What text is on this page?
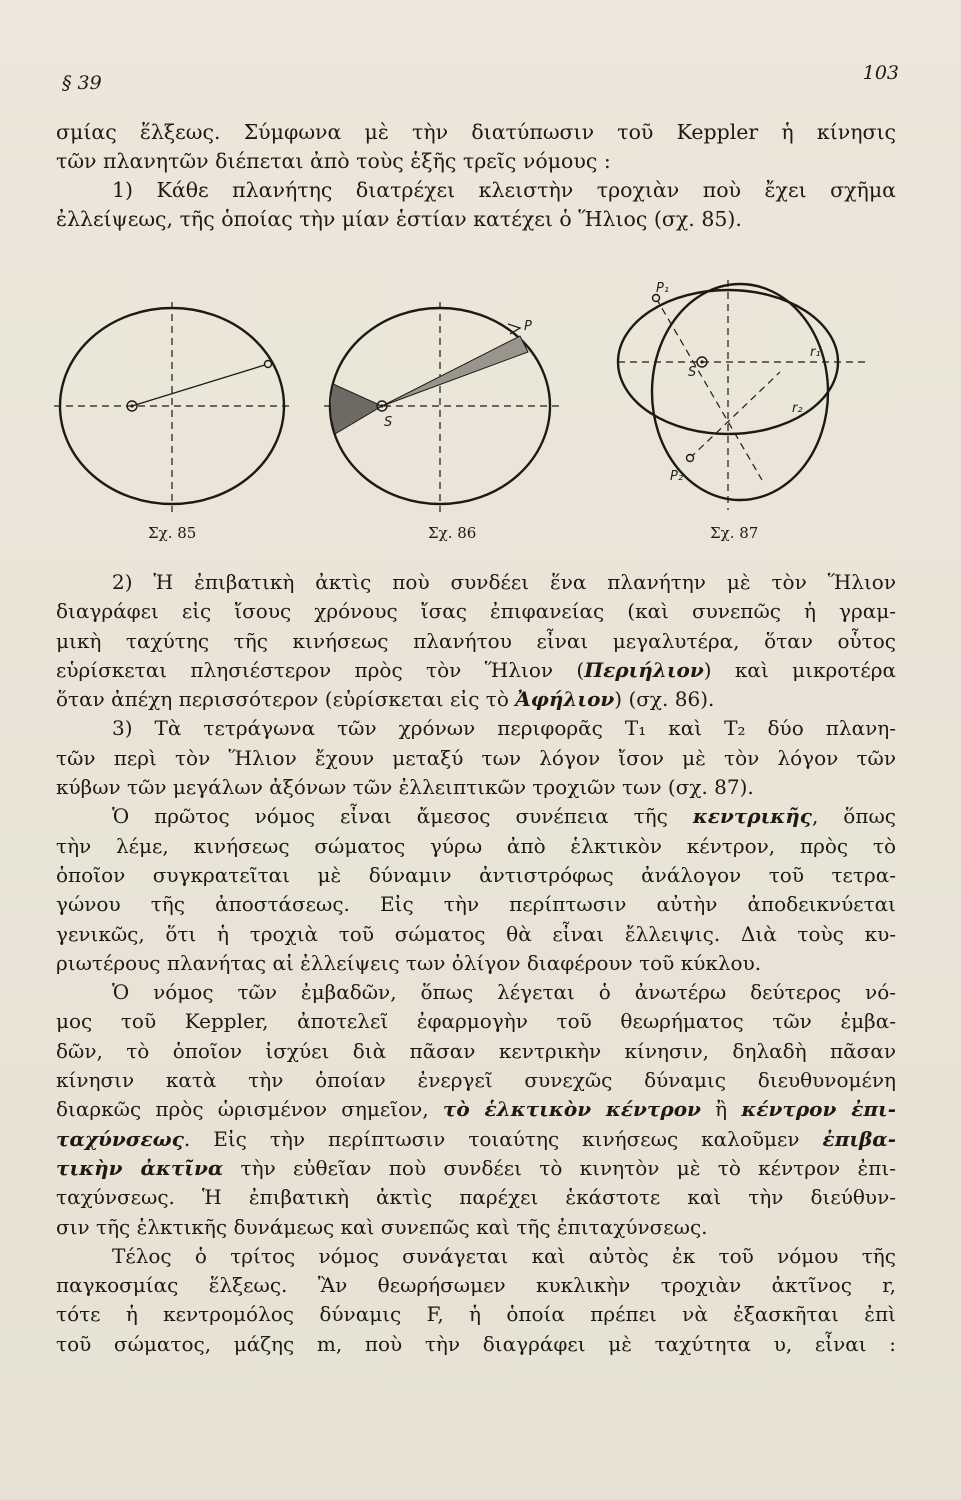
§ 39	103

σμίας ἕλξεως. Σύμφωνα μὲ τὴν διατύπωσιν τοῦ Keppler ἡ κίνησις

τῶν πλανητῶν διέπεται ἀπὸ τοὺς ἑξῆς τρεῖς νόμους :

1) Κάθε πλανήτης διατρέχει κλειστὴν τροχιὰν ποὺ ἔχει σχῆμα

ἐλλείψεως, τῆς ὁποίας τὴν μίαν ἑστίαν κατέχει ὁ Ἥλιος (σχ. 85).

Σχ. 85
S
P
Σχ. 86
S
P₁
P₂
r₁
r₂
Σχ. 87

2) Ἡ ἐπιβατικὴ ἀκτὶς ποὺ συνδέει ἕνα πλανήτην μὲ τὸν Ἥλιον

διαγράφει εἰς ἴσους χρόνους ἴσας ἐπιφανείας (καὶ συνεπῶς ἡ γραμ-

μικὴ ταχύτης τῆς κινήσεως πλανήτου εἶναι μεγαλυτέρα, ὅταν οὗτος

εὑρίσκεται πλησιέστερον πρὸς τὸν Ἥλιον (Περιήλιον) καὶ μικροτέρα

ὅταν ἀπέχη περισσότερον (εὑρίσκεται εἰς τὸ Ἀφήλιον) (σχ. 86).

3) Τὰ τετράγωνα τῶν χρόνων περιφορᾶς T₁ καὶ T₂ δύο πλανη-

τῶν περὶ τὸν Ἥλιον ἔχουν μεταξύ των λόγον ἴσον μὲ τὸν λόγον τῶν

κύβων τῶν μεγάλων ἀξόνων τῶν ἐλλειπτικῶν τροχιῶν των (σχ. 87).

Ὁ πρῶτος νόμος εἶναι ἄμεσος συνέπεια τῆς κεντρικῆς, ὅπως

τὴν λέμε, κινήσεως σώματος γύρω ἀπὸ ἑλκτικὸν κέντρον, πρὸς τὸ

ὁποῖον συγκρατεῖται μὲ δύναμιν ἀντιστρόφως ἀνάλογον τοῦ τετρα-

γώνου τῆς ἀποστάσεως. Εἰς τὴν περίπτωσιν αὐτὴν ἀποδεικνύεται

γενικῶς, ὅτι ἡ τροχιὰ τοῦ σώματος θὰ εἶναι ἔλλειψις. Διὰ τοὺς κυ-

ριωτέρους πλανήτας αἱ ἐλλείψεις των ὀλίγον διαφέρουν τοῦ κύκλου.

Ὁ νόμος τῶν ἐμβαδῶν, ὅπως λέγεται ὁ ἀνωτέρω δεύτερος νό-

μος τοῦ Keppler, ἀποτελεῖ ἐφαρμογὴν τοῦ θεωρήματος τῶν ἐμβα-

δῶν, τὸ ὁποῖον ἰσχύει διὰ πᾶσαν κεντρικὴν κίνησιν, δηλαδὴ πᾶσαν

κίνησιν κατὰ τὴν ὁποίαν ἐνεργεῖ συνεχῶς δύναμις διευθυνομένη

διαρκῶς πρὸς ὡρισμένον σημεῖον, τὸ ἑλκτικὸν κέντρον ἢ κέντρον ἐπι-

ταχύνσεως. Εἰς τὴν περίπτωσιν τοιαύτης κινήσεως καλοῦμεν ἐπιβα-

τικὴν ἀκτῖνα τὴν εὐθεῖαν ποὺ συνδέει τὸ κινητὸν μὲ τὸ κέντρον ἐπι-

ταχύνσεως. Ἡ ἐπιβατικὴ ἀκτὶς παρέχει ἑκάστοτε καὶ τὴν διεύθυν-

σιν τῆς ἑλκτικῆς δυνάμεως καὶ συνεπῶς καὶ τῆς ἐπιταχύνσεως.

Τέλος ὁ τρίτος νόμος συνάγεται καὶ αὐτὸς ἐκ τοῦ νόμου τῆς

παγκοσμίας ἕλξεως. Ἂν θεωρήσωμεν κυκλικὴν τροχιὰν ἀκτῖνος r,

τότε ἡ κεντρομόλος δύναμις F, ἡ ὁποία πρέπει νὰ ἐξασκῆται ἐπὶ

τοῦ σώματος, μάζης m, ποὺ τὴν διαγράφει μὲ ταχύτητα υ, εἶναι :
